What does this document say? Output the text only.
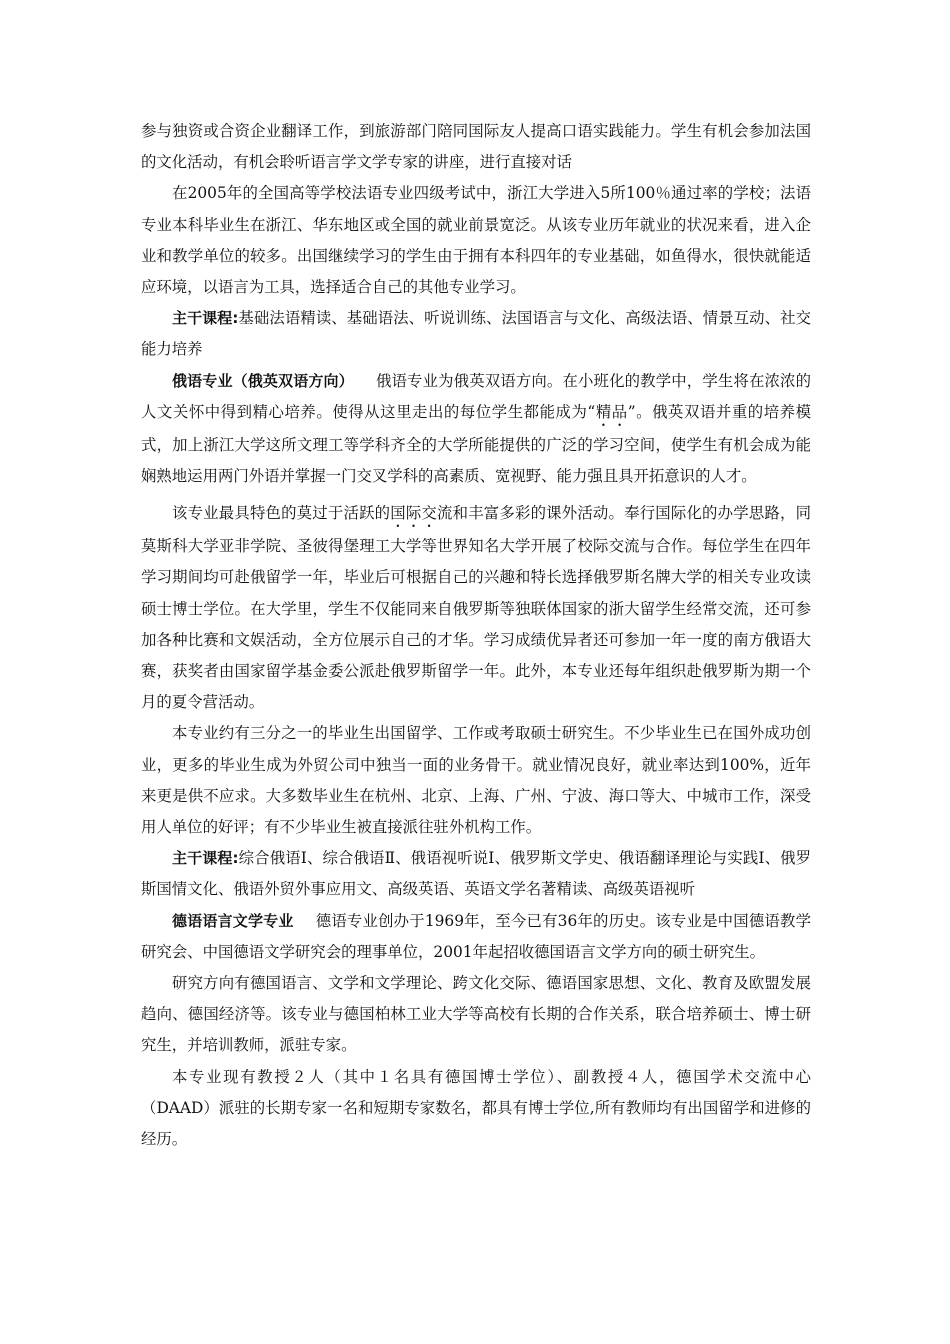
参与独资或合资企业翻译工作，到旅游部门陪同国际友人提高口语实践能力。学生有机会参加法国的文化活动，有机会聆听语言学文学专家的讲座，进行直接对话

在2005年的全国高等学校法语专业四级考试中，浙江大学进入5所100％通过率的学校；法语专业本科毕业生在浙江、华东地区或全国的就业前景宽泛。从该专业历年就业的状况来看，进入企业和教学单位的较多。出国继续学习的学生由于拥有本科四年的专业基础，如鱼得水，很快就能适应环境，以语言为工具，选择适合自己的其他专业学习。

主干课程:基础法语精读、基础语法、听说训练、法国语言与文化、高级法语、情景互动、社交能力培养

俄语专业（俄英双语方向） 俄语专业为俄英双语方向。在小班化的教学中，学生将在浓浓的人文关怀中得到精心培养。使得从这里走出的每位学生都能成为“精品”。俄英双语并重的培养模式，加上浙江大学这所文理工等学科齐全的大学所能提供的广泛的学习空间，使学生有机会成为能娴熟地运用两门外语并掌握一门交叉学科的高素质、宽视野、能力强且具开拓意识的人才。

该专业最具特色的莫过于活跃的国际交流和丰富多彩的课外活动。奉行国际化的办学思路，同莫斯科大学亚非学院、圣彼得堡理工大学等世界知名大学开展了校际交流与合作。每位学生在四年学习期间均可赴俄留学一年，毕业后可根据自己的兴趣和特长选择俄罗斯名牌大学的相关专业攻读硕士博士学位。在大学里，学生不仅能同来自俄罗斯等独联体国家的浙大留学生经常交流，还可参加各种比赛和文娱活动，全方位展示自己的才华。学习成绩优异者还可参加一年一度的南方俄语大赛，获奖者由国家留学基金委公派赴俄罗斯留学一年。此外，本专业还每年组织赴俄罗斯为期一个月的夏令营活动。

本专业约有三分之一的毕业生出国留学、工作或考取硕士研究生。不少毕业生已在国外成功创业，更多的毕业生成为外贸公司中独当一面的业务骨干。就业情况良好，就业率达到100%，近年来更是供不应求。大多数毕业生在杭州、北京、上海、广州、宁波、海口等大、中城市工作，深受用人单位的好评；有不少毕业生被直接派往驻外机构工作。

主干课程:综合俄语Ⅰ、综合俄语Ⅱ、俄语视听说Ⅰ、俄罗斯文学史、俄语翻译理论与实践Ⅰ、俄罗斯国情文化、俄语外贸外事应用文、高级英语、英语文学名著精读、高级英语视听

德语语言文学专业 德语专业创办于1969年，至今已有36年的历史。该专业是中国德语教学研究会、中国德语文学研究会的理事单位，2001年起招收德国语言文学方向的硕士研究生。

研究方向有德国语言、文学和文学理论、跨文化交际、德语国家思想、文化、教育及欧盟发展趋向、德国经济等。该专业与德国柏林工业大学等高校有长期的合作关系，联合培养硕士、博士研究生，并培训教师，派驻专家。

本专业现有教授２人（其中１名具有德国博士学位）、副教授４人，德国学术交流中心（DAAD）派驻的长期专家一名和短期专家数名，都具有博士学位,所有教师均有出国留学和进修的经历。
